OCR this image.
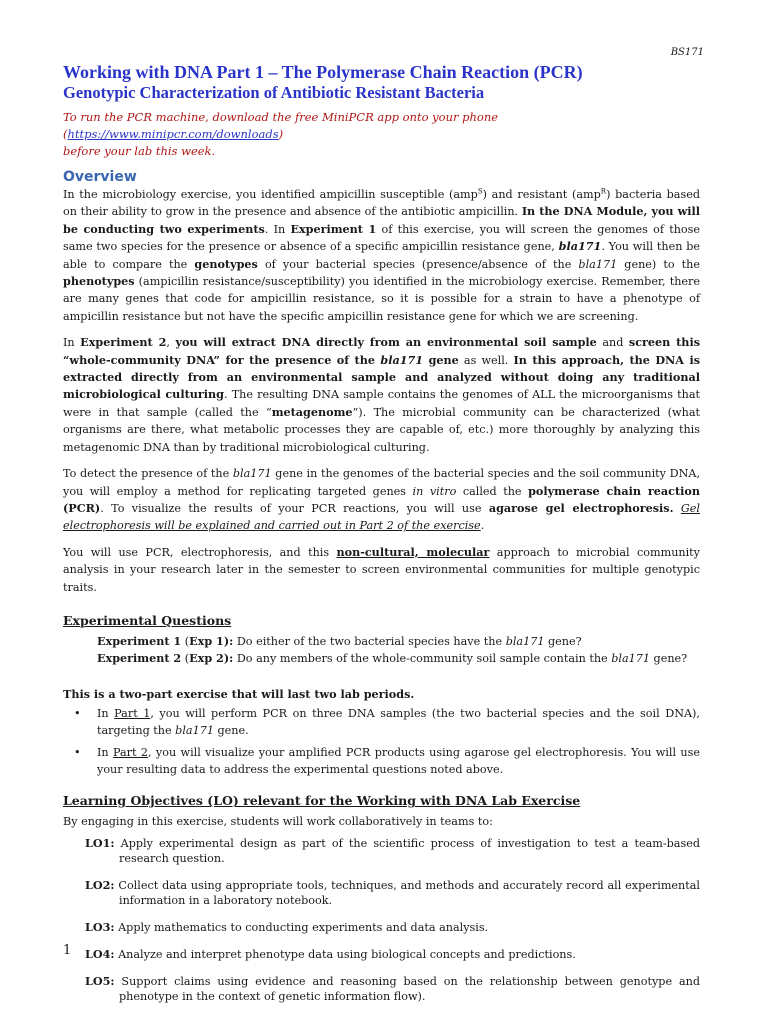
BS171
Working with DNA Part 1 – The Polymerase Chain Reaction (PCR)
Genotypic Characterization of Antibiotic Resistant Bacteria

To run the PCR machine, download the free MiniPCR app onto your phone (https://www.minipcr.com/downloads)
before your lab this week.

Overview

In the microbiology exercise, you identified ampicillin susceptible (amp$^S$) and resistant (amp$^R$) bacteria based on their ability to grow in the presence and absence of the antibiotic ampicillin. In the DNA Module, you will be conducting two experiments. In Experiment 1 of this exercise, you will screen the genomes of those same two species for the presence or absence of a specific ampicillin resistance gene, bla171. You will then be able to compare the genotypes of your bacterial species (presence/absence of the bla171 gene) to the phenotypes (ampicillin resistance/susceptibility) you identified in the microbiology exercise. Remember, there are many genes that code for ampicillin resistance, so it is possible for a strain to have a phenotype of ampicillin resistance but not have the specific ampicillin resistance gene for which we are screening.

In Experiment 2, you will extract DNA directly from an environmental soil sample and screen this “whole-community DNA” for the presence of the bla171 gene as well. In this approach, the DNA is extracted directly from an environmental sample and analyzed without doing any traditional microbiological culturing. The resulting DNA sample contains the genomes of ALL the microorganisms that were in that sample (called the “metagenome”). The microbial community can be characterized (what organisms are there, what metabolic processes they are capable of, etc.) more thoroughly by analyzing this metagenomic DNA than by traditional microbiological culturing.

To detect the presence of the bla171 gene in the genomes of the bacterial species and the soil community DNA, you will employ a method for replicating targeted genes in vitro called the polymerase chain reaction (PCR). To visualize the results of your PCR reactions, you will use agarose gel electrophoresis. Gel electrophoresis will be explained and carried out in Part 2 of the exercise.

You will use PCR, electrophoresis, and this non-cultural, molecular approach to microbial community analysis in your research later in the semester to screen environmental communities for multiple genotypic traits.

Experimental Questions

Experiment 1 (Exp 1): Do either of the two bacterial species have the bla171 gene?

Experiment 2 (Exp 2): Do any members of the whole-community soil sample contain the bla171 gene?

This is a two-part exercise that will last two lab periods.

• In Part 1, you will perform PCR on three DNA samples (the two bacterial species and the soil DNA), targeting the bla171 gene.
• In Part 2, you will visualize your amplified PCR products using agarose gel electrophoresis. You will use your resulting data to address the experimental questions noted above.
Learning Objectives (LO) relevant for the Working with DNA Lab Exercise

By engaging in this exercise, students will work collaboratively in teams to:

LO1: Apply experimental design as part of the scientific process of investigation to test a team-based research question.

LO2: Collect data using appropriate tools, techniques, and methods and accurately record all experimental information in a laboratory notebook.

LO3: Apply mathematics to conducting experiments and data analysis.

LO4: Analyze and interpret phenotype data using biological concepts and predictions.

LO5: Support claims using evidence and reasoning based on the relationship between genotype and phenotype in the context of genetic information flow).

1
